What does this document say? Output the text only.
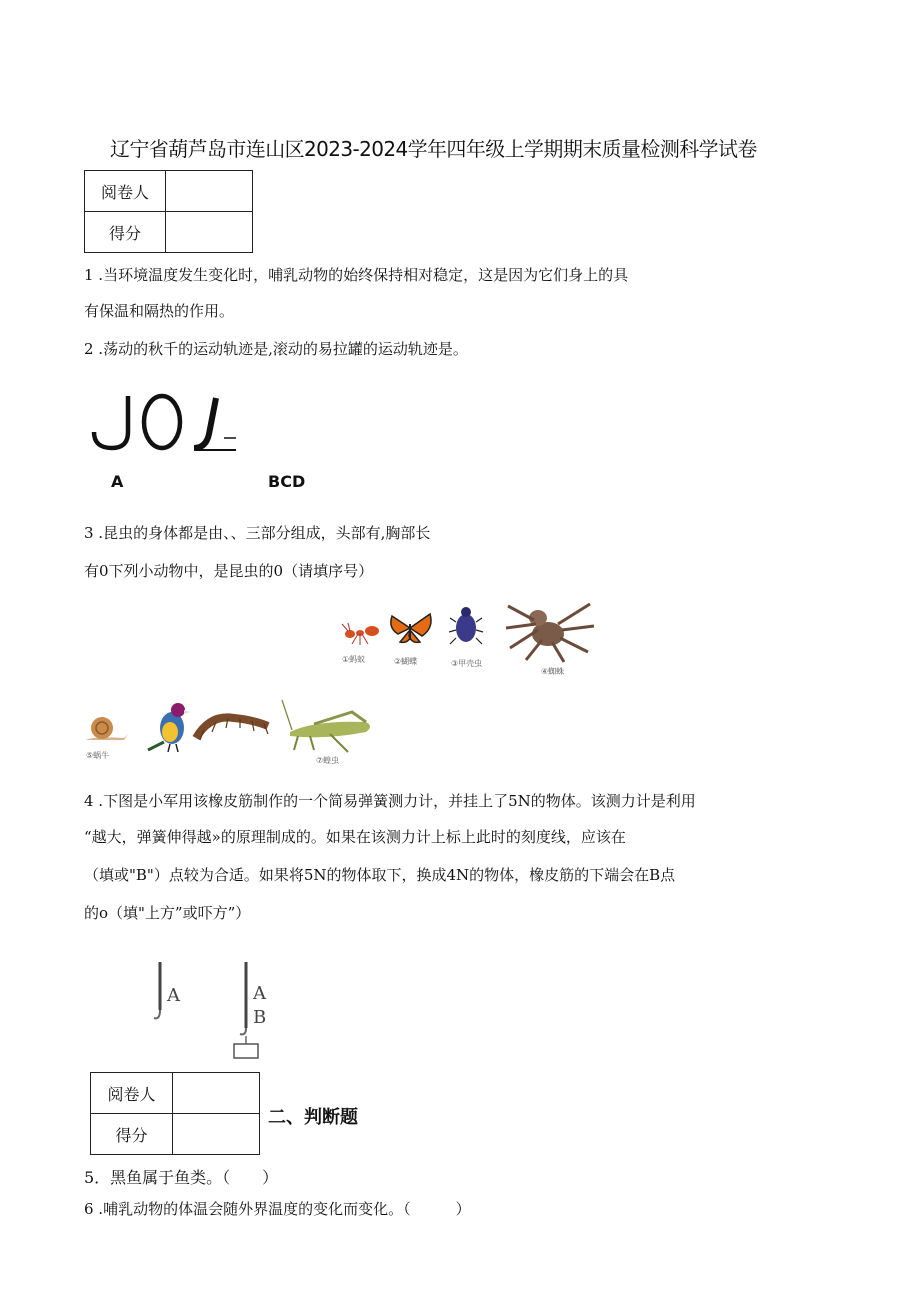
辽宁省葫芦岛市连山区2023-2024学年四年级上学期期末质量检测科学试卷
阅卷人	
得分	
1 .当环境温度发生变化时，哺乳动物的始终保持相对稳定，这是因为它们身上的具
有保温和隔热的作用。
2 .荡动的秋千的运动轨迹是,滚动的易拉罐的运动轨迹是。
A	BCD
3 .昆虫的身体都是由、、三部分组成，头部有,胸部长
有0下列小动物中，是昆虫的0（请填序号）
①蚂蚁	②蝴蝶	③甲壳虫
④蜘蛛
⑤蜗牛
⑦蝗虫
4 .下图是小军用该橡皮筋制作的一个简易弹簧测力计，并挂上了5N的物体。该测力计是利用
“越大，弹簧伸得越»的原理制成的。如果在该测力计上标上此时的刻度线，应该在
（填或"B"）点较为合适。如果将5N的物体取下，换成4N的物体，橡皮筋的下端会在B点
的o（填"上方”或吓方”）
A	A
B
阅卷人	
得分	
二、判断题
5．黑鱼属于鱼类。（　　）
6 .哺乳动物的体温会随外界温度的变化而变化。（　　　）
